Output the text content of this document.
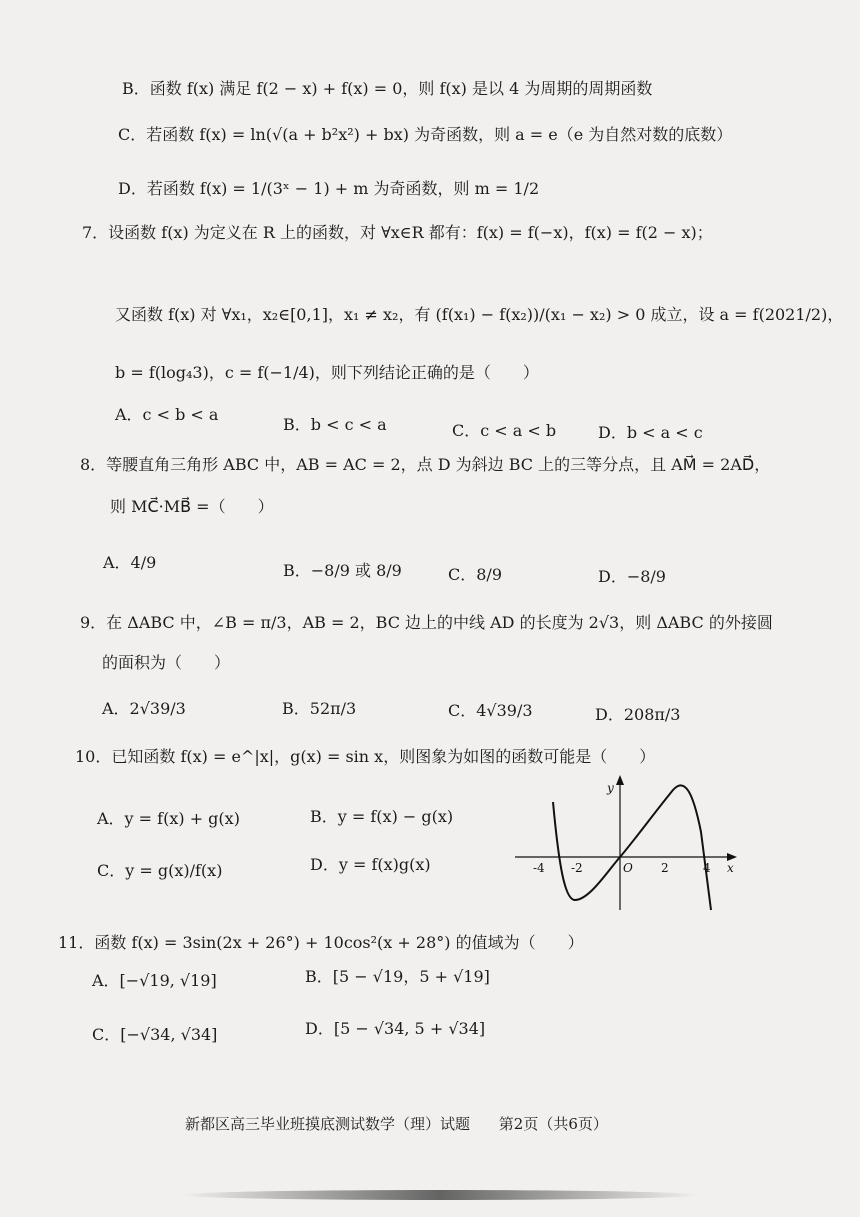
B．函数 f(x) 满足 f(2 − x) + f(x) = 0，则 f(x) 是以 4 为周期的周期函数
C．若函数 f(x) = ln(√(a + b²x²) + bx) 为奇函数，则 a = e（e 为自然对数的底数）
D．若函数 f(x) = 1/(3ˣ − 1) + m 为奇函数，则 m = 1/2
7．设函数 f(x) 为定义在 R 上的函数，对 ∀x∈R 都有：f(x) = f(−x)，f(x) = f(2 − x)；
又函数 f(x) 对 ∀x₁，x₂∈[0,1]，x₁ ≠ x₂，有 (f(x₁) − f(x₂))/(x₁ − x₂) > 0 成立，设 a = f(2021/2)，
b = f(log₄3)，c = f(−1/4)，则下列结论正确的是（　　）
A．c < b < a
B．b < c < a	C．c < a < b	D．b < a < c
8．等腰直角三角形 ABC 中，AB = AC = 2，点 D 为斜边 BC 上的三等分点，且 AM⃗ = 2AD⃗，
则 MC⃗·MB⃗ =（　　）
A．4/9	B．−8/9 或 8/9	C．8/9	D．−8/9
9．在 ΔABC 中，∠B = π/3，AB = 2，BC 边上的中线 AD 的长度为 2√3，则 ΔABC 的外接圆
的面积为（　　）
A．2√39/3	B．52π/3	C．4√39/3	D．208π/3
10．已知函数 f(x) = e^|x|，g(x) = sin x，则图象为如图的函数可能是（　　）
A．y = f(x) + g(x)	B．y = f(x) − g(x)
C．y = g(x)/f(x)	D．y = f(x)g(x)
y
x
O
-4 -2	2	4
11．函数 f(x) = 3sin(2x + 26°) + 10cos²(x + 28°) 的值域为（　　）
A．[−√19, √19]	B．[5 − √19，5 + √19]
C．[−√34, √34]	D．[5 − √34, 5 + √34]
新都区高三毕业班摸底测试数学（理）试题 第2页（共6页）
